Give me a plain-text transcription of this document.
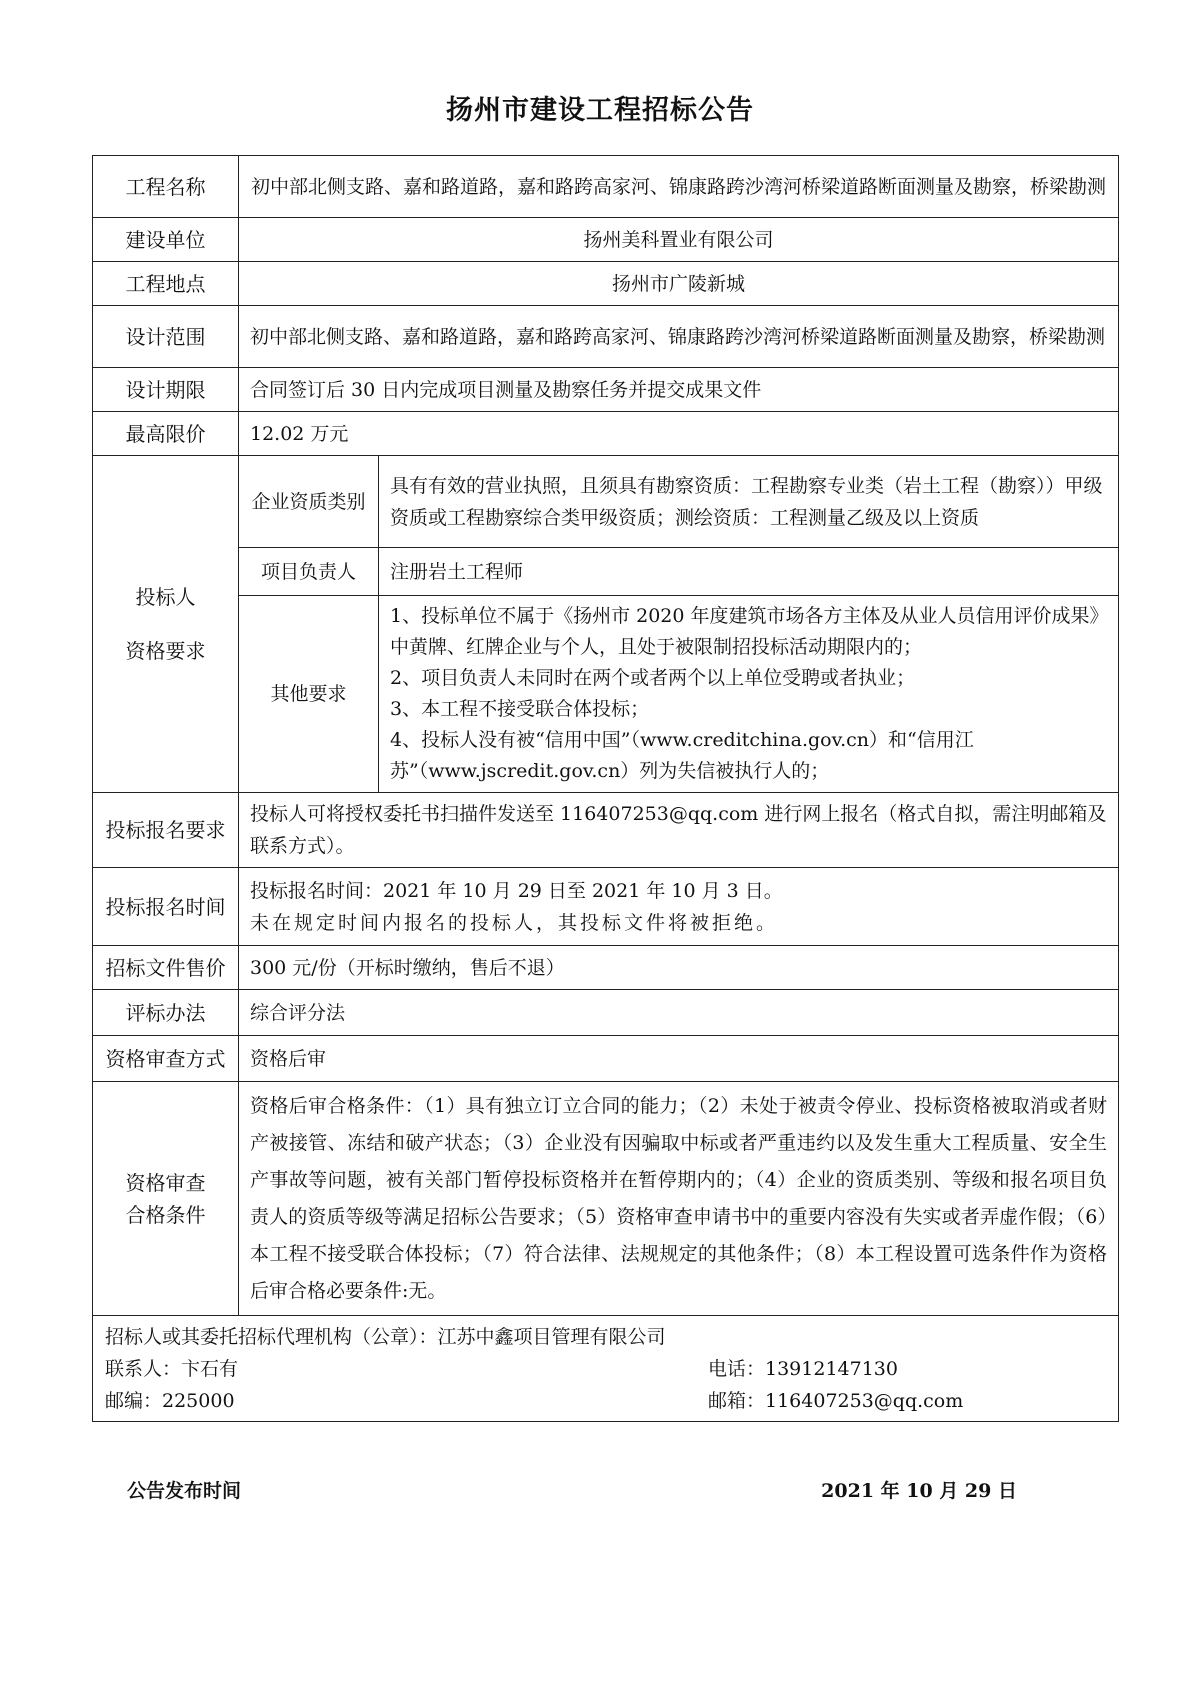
扬州市建设工程招标公告
工程名称	初中部北侧支路、嘉和路道路，嘉和路跨高家河、锦康路跨沙湾河桥梁道路断面测量及勘察，桥梁勘测	
建设单位	扬州美科置业有限公司	
工程地点	扬州市广陵新城	
设计范围	初中部北侧支路、嘉和路道路，嘉和路跨高家河、锦康路跨沙湾河桥梁道路断面测量及勘察，桥梁勘测	
设计期限	合同签订后 30 日内完成项目测量及勘察任务并提交成果文件	
最高限价	12.02 万元	

投标人
资格要求	企业资质类别	具有有效的营业执照，且须具有勘察资质：工程勘察专业类（岩土工程（勘察））甲级资质或工程勘察综合类甲级资质；测绘资质：工程测量乙级及以上资质
	项目负责人	注册岩土工程师
	其他要求	1、投标单位不属于《扬州市 2020 年度建筑市场各方主体及从业人员信用评价成果》中黄牌、红牌企业与个人，且处于被限制招投标活动期限内的；
2、项目负责人未同时在两个或者两个以上单位受聘或者执业；
3、本工程不接受联合体投标；
4、投标人没有被“信用中国”（www.creditchina.gov.cn）和“信用江苏”（www.jscredit.gov.cn）列为失信被执行人的；

投标报名要求	投标人可将授权委托书扫描件发送至 116407253@qq.com 进行网上报名（格式自拟，需注明邮箱及联系方式）。	
投标报名时间	投标报名时间：2021 年 10 月 29 日至 2021 年 10 月 3 日。
未在规定时间内报名的投标人，其投标文件将被拒绝。	

招标文件售价	300 元/份（开标时缴纳，售后不退）	
评标办法	综合评分法	
资格审查方式	资格后审	

资格审查
合格条件	资格后审合格条件：（1）具有独立订立合同的能力；（2）未处于被责令停业、投标资格被取消或者财产被接管、冻结和破产状态；（3）企业没有因骗取中标或者严重违约以及发生重大工程质量、安全生产事故等问题，被有关部门暂停投标资格并在暂停期内的；（4）企业的资质类别、等级和报名项目负责人的资质等级等满足招标公告要求；（5）资格审查申请书中的重要内容没有失实或者弄虚作假；（6）本工程不接受联合体投标；（7）符合法律、法规规定的其他条件；（8）本工程设置可选条件作为资格后审合格必要条件:无。	

招标人或其委托招标代理机构（公章）：江苏中鑫项目管理有限公司
联系人：卞石有 电话：13912147130
邮编：225000 邮箱：116407253@qq.com		
公告发布时间	2021 年 10 月 29 日
